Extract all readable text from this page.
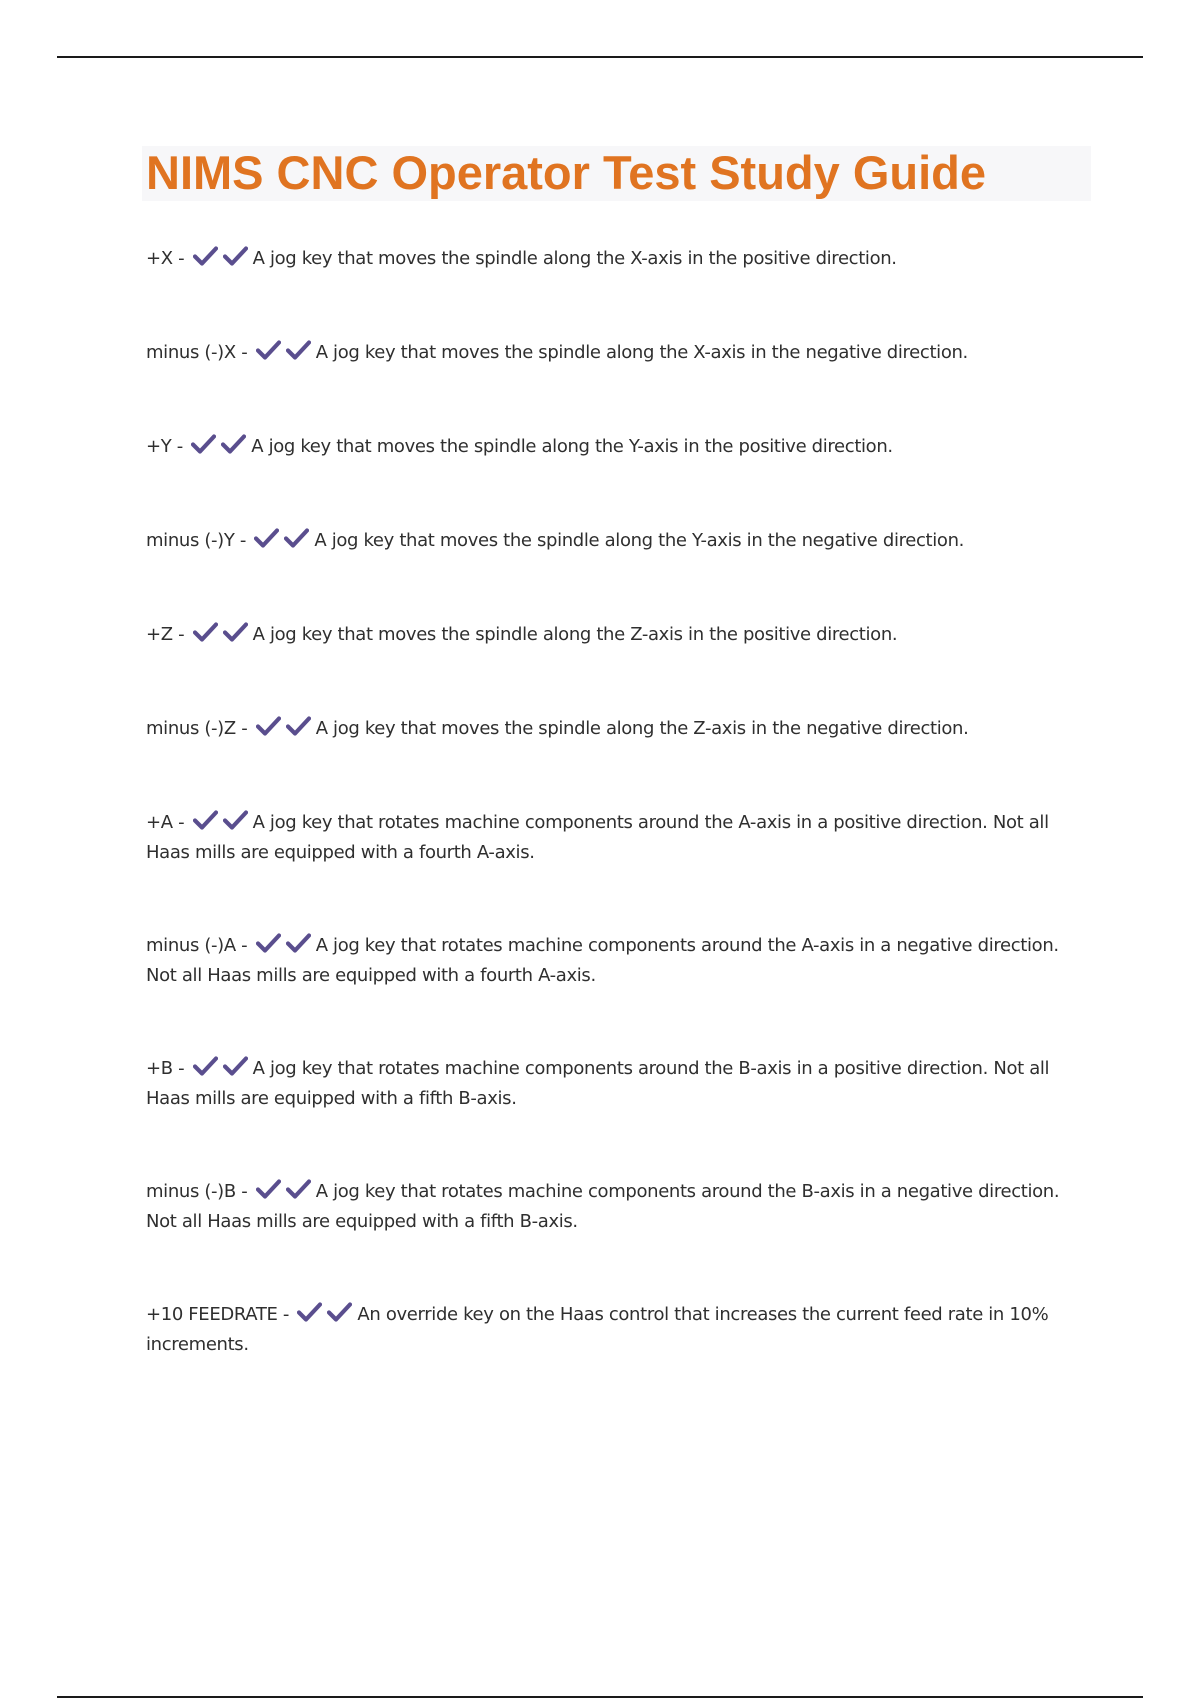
NIMS CNC Operator Test Study Guide
+X -	A jog key that moves the spindle along the X-axis in the positive direction.
minus (-)X -	A jog key that moves the spindle along the X-axis in the negative direction.
+Y -	A jog key that moves the spindle along the Y-axis in the positive direction.
minus (-)Y -	A jog key that moves the spindle along the Y-axis in the negative direction.
+Z -	A jog key that moves the spindle along the Z-axis in the positive direction.
minus (-)Z -	A jog key that moves the spindle along the Z-axis in the negative direction.
+A -	A jog key that rotates machine components around the A-axis in a positive direction. Not all Haas mills are equipped with a fourth A-axis.
minus (-)A -	A jog key that rotates machine components around the A-axis in a negative direction. Not all Haas mills are equipped with a fourth A-axis.
+B -	A jog key that rotates machine components around the B-axis in a positive direction. Not all Haas mills are equipped with a fifth B-axis.
minus (-)B -	A jog key that rotates machine components around the B-axis in a negative direction. Not all Haas mills are equipped with a fifth B-axis.
+10 FEEDRATE -	An override key on the Haas control that increases the current feed rate in 10% increments.
